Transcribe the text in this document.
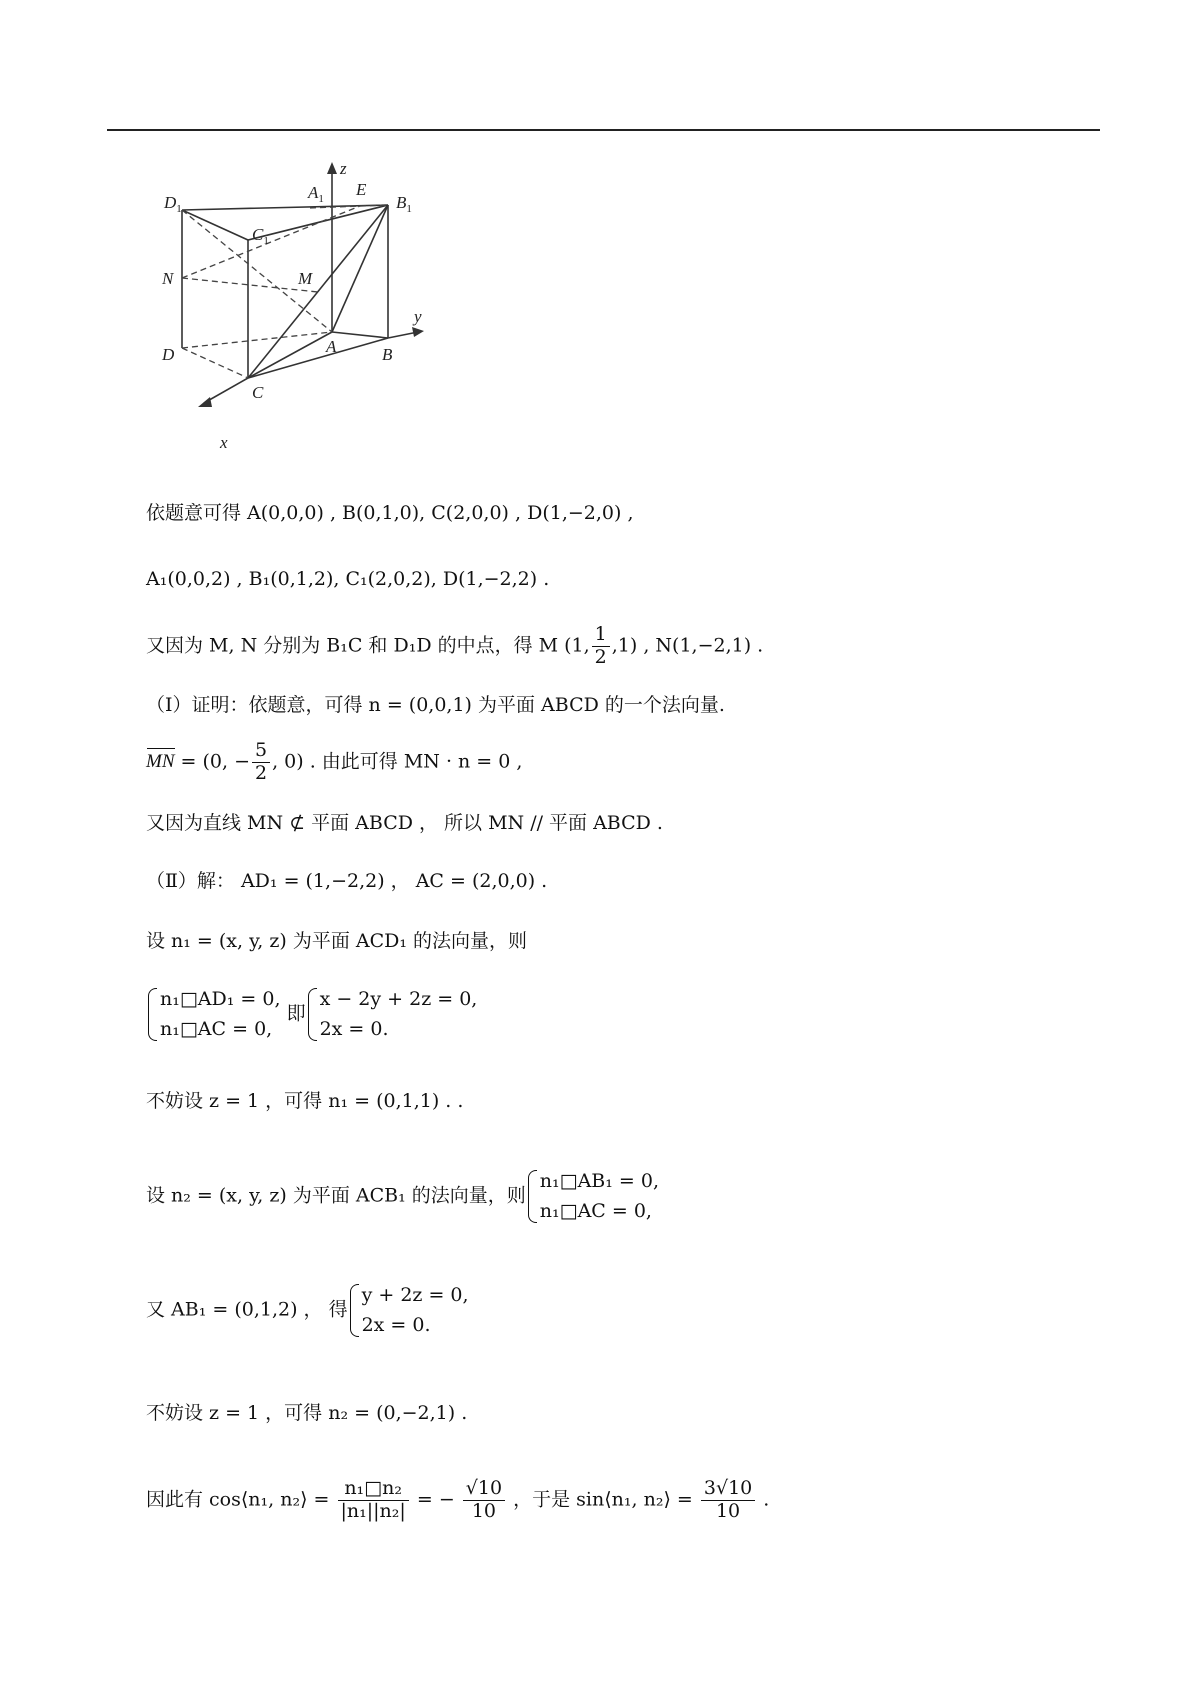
z
$A_1$ E
$B_1$
$D_1$
$C_1$
N	M
y
D	A	B
C
x
依题意可得 A(0,0,0) , B(0,1,0), C(2,0,0) , D(1,−2,0) ,
A₁(0,0,2) , B₁(0,1,2), C₁(2,0,2), D(1,−2,2) .
又因为 M, N 分别为 B₁C 和 D₁D 的中点，得 M (1, $\frac{1}{2} ,1$) , N(1,−2,1) .
（Ⅰ）证明：依题意，可得 n = (0,0,1) 为平面 ABCD 的一个法向量.
MN = (0, − $\frac{5}{2}$ , 0) . 由此可得 MN · n = 0 ,
又因为直线 MN ⊄ 平面 ABCD ， 所以 MN // 平面 ABCD .
（Ⅱ）解： AD₁ = (1,−2,2) ， AC = (2,0,0) .
设 n₁ = (x, y, z) 为平面 ACD₁ 的法向量，则
n₁□AD₁ = 0,
n₁□AC = 0,
即
x − 2y + 2z = 0,
2x = 0.
不妨设 z = 1 ，可得 n₁ = (0,1,1) . .
设 n₂ = (x, y, z) 为平面 ACB₁ 的法向量，则
n₁□AB₁ = 0,
n₁□AC = 0,
又 AB₁ = (0,1,2) ， 得
y + 2z = 0,
2x = 0.
不妨设 z = 1 ，可得 n₂ = (0,−2,1) .
因此有 cos⟨n₁, n₂⟩ = $\frac{\text{n₁□n₂}}{\text{|n₁||n₂|}}$ = − $\frac{√10}{10}$ ，于是 sin⟨n₁, n₂⟩ = $\frac{3√10}{10}$ .
